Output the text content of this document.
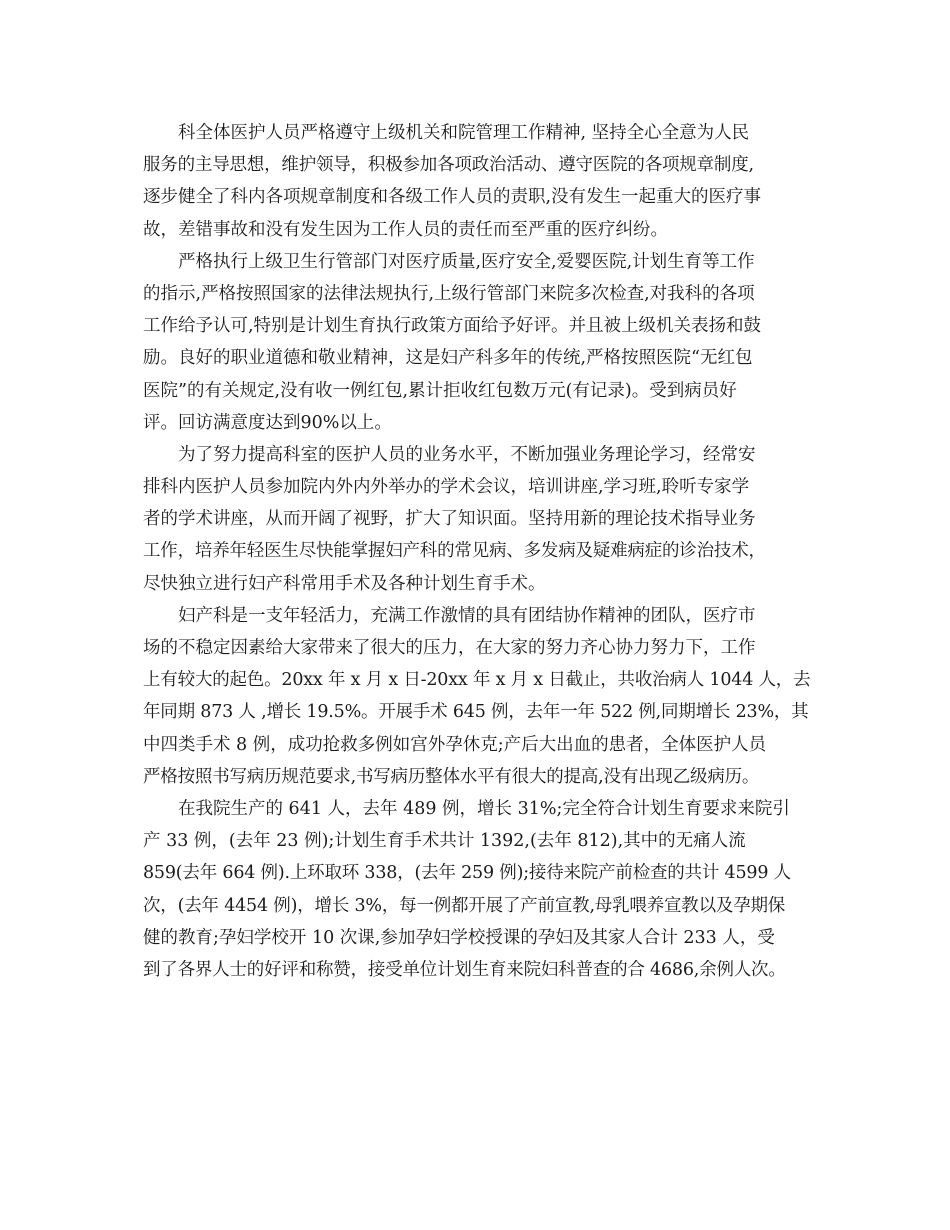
科全体医护人员严格遵守上级机关和院管理工作精神, 坚持全心全意为人民
服务的主导思想，维护领导，积极参加各项政治活动、遵守医院的各项规章制度,
逐步健全了科内各项规章制度和各级工作人员的责职,没有发生一起重大的医疗事
故，差错事故和没有发生因为工作人员的责任而至严重的医疗纠纷。
严格执行上级卫生行管部门对医疗质量,医疗安全,爱婴医院,计划生育等工作
的指示,严格按照国家的法律法规执行,上级行管部门来院多次检查,对我科的各项
工作给予认可,特别是计划生育执行政策方面给予好评。并且被上级机关表扬和鼓
励。良好的职业道德和敬业精神，这是妇产科多年的传统,严格按照医院“无红包
医院”的有关规定,没有收一例红包,累计拒收红包数万元(有记录)。受到病员好
评。回访满意度达到90%以上。
为了努力提高科室的医护人员的业务水平，不断加强业务理论学习，经常安
排科内医护人员参加院内外内外举办的学术会议，培训讲座,学习班,聆听专家学
者的学术讲座，从而开阔了视野，扩大了知识面。坚持用新的理论技术指导业务
工作，培养年轻医生尽快能掌握妇产科的常见病、多发病及疑难病症的诊治技术，
尽快独立进行妇产科常用手术及各种计划生育手术。
妇产科是一支年轻活力，充满工作激情的具有团结协作精神的团队，医疗市
场的不稳定因素给大家带来了很大的压力，在大家的努力齐心协力努力下，工作
上有较大的起色。20xx 年 x 月 x 日-20xx 年 x 月 x 日截止，共收治病人 1044 人，去
年同期 873 人 ,增长 19.5%。开展手术 645 例，去年一年 522 例,同期增长 23%，其
中四类手术 8 例，成功抢救多例如宫外孕休克;产后大出血的患者，全体医护人员
严格按照书写病历规范要求,书写病历整体水平有很大的提高,没有出现乙级病历。
在我院生产的 641 人，去年 489 例，增长 31%;完全符合计划生育要求来院引
产 33 例，(去年 23 例);计划生育手术共计 1392,(去年 812),其中的无痛人流
859(去年 664 例).上环取环 338，(去年 259 例);接待来院产前检查的共计 4599 人
次，(去年 4454 例)，增长 3%，每一例都开展了产前宣教,母乳喂养宣教以及孕期保
健的教育;孕妇学校开 10 次课,参加孕妇学校授课的孕妇及其家人合计 233 人，受
到了各界人士的好评和称赞，接受单位计划生育来院妇科普查的合 4686,余例人次。
